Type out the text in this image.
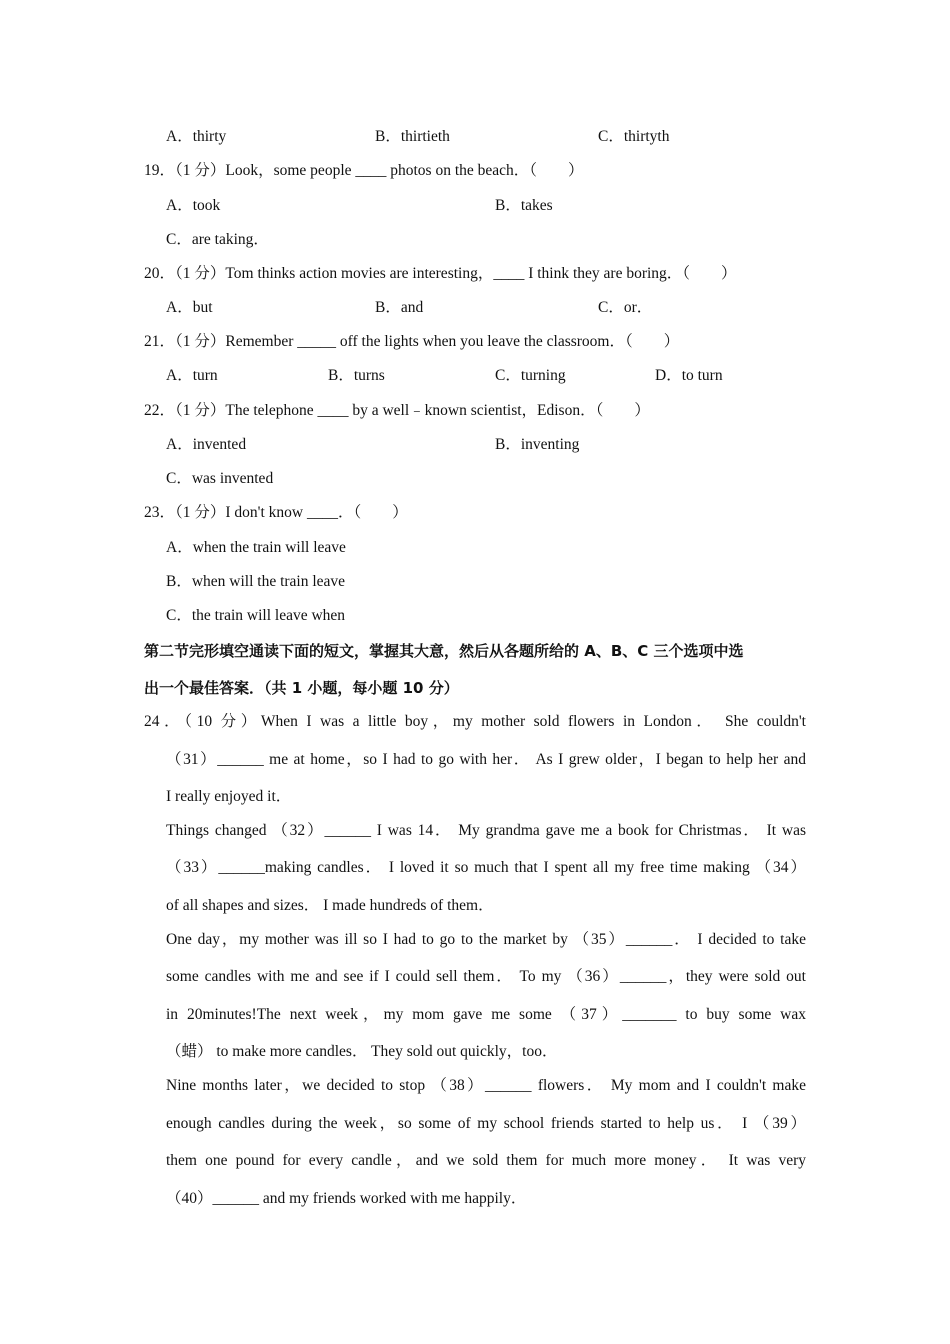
A．thirty	B．thirtieth	C．thirtyth
19．（1 分）Look，some people ____ photos on the beach．（　　）
A．took	B．takes
C．are taking．
20．（1 分）Tom thinks action movies are interesting，____ I think they are boring．（　　）
A．but	B．and	C．or．
21．（1 分）Remember _____ off the lights when you leave the classroom．（　　）
A．turn	B．turns	C．turning	D．to turn
22．（1 分）The telephone ____ by a well﹣known scientist，Edison．（　　）
A．invented	B．inventing
C．was invented
23．（1 分）I don't know ____．（　　）
A．when the train will leave
B．when will the train leave
C．the train will leave when
第二节完形填空通读下面的短文，掌握其大意，然后从各题所给的 A、B、C 三个选项中选
出一个最佳答案．（共 1 小题，每小题 10 分）
24．（10 分）When I was a little boy，my mother sold flowers in London． She couldn't
（31）______ me at home，so I had to go with her． As I grew older，I began to help her and
I really enjoyed it．
Things changed （32）______ I was 14． My grandma gave me a book for Christmas． It was
（33）______making candles． I loved it so much that I spent all my free time making （34）
of all shapes and sizes． I made hundreds of them．
One day，my mother was ill so I had to go to the market by （35）______． I decided to take
some candles with me and see if I could sell them． To my （36）______，they were sold out
in 20minutes!The next week，my mom gave me some （37）_______ to buy some wax
（蜡） to make more candles． They sold out quickly，too．
Nine months later，we decided to stop （38）______ flowers． My mom and I couldn't make
enough candles during the week，so some of my school friends started to help us． I （39）
them one pound for every candle，and we sold them for much more money． It was very
（40）______ and my friends worked with me happily．
